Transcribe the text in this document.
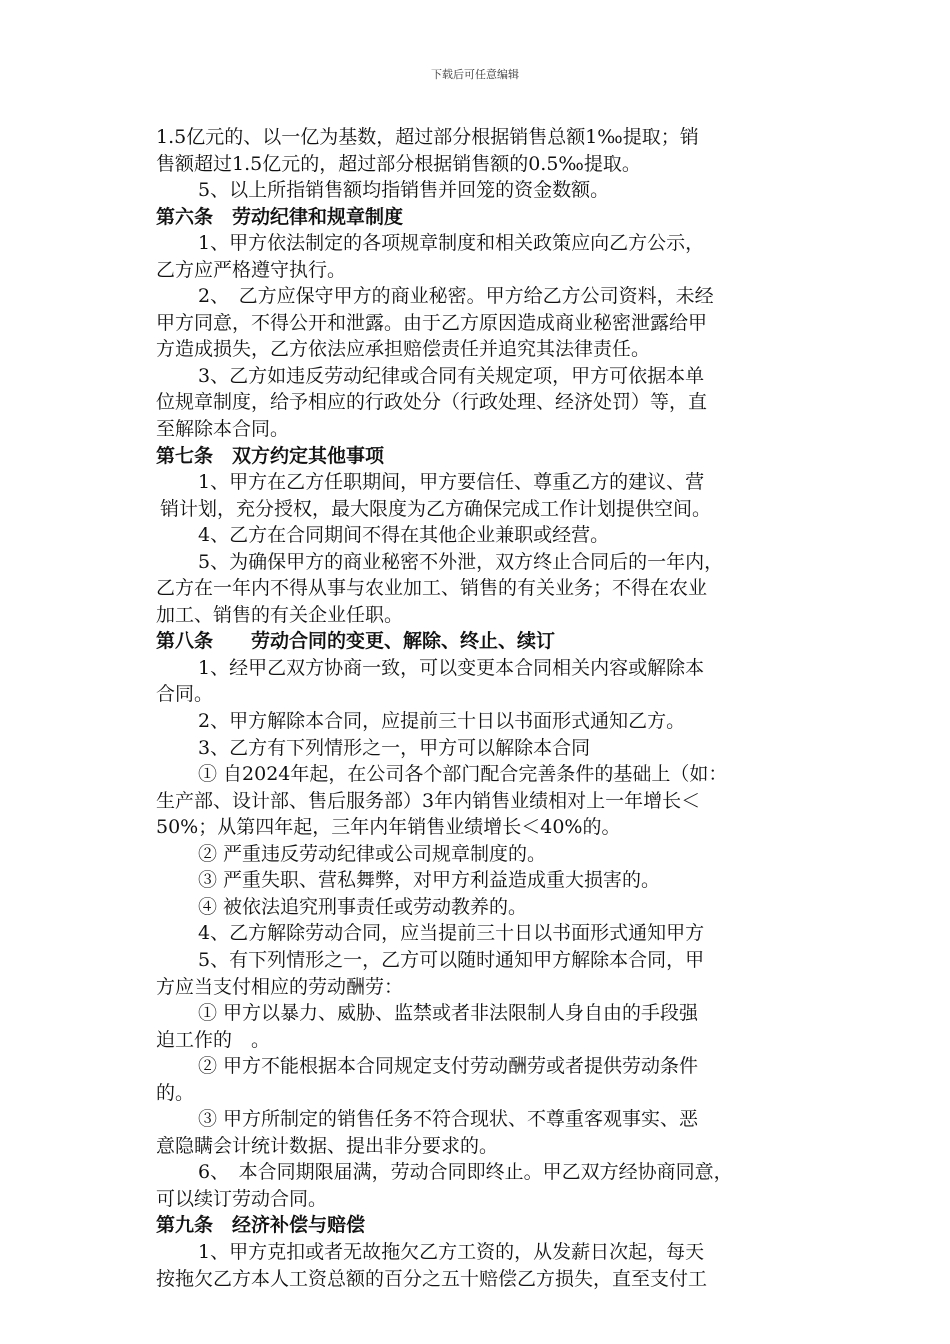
下载后可任意编辑
1.5亿元的、以一亿为基数，超过部分根据销售总额1‰提取；销
售额超过1.5亿元的，超过部分根据销售额的0.5‰提取。
5、以上所指销售额均指销售并回笼的资金数额。
第六条　劳动纪律和规章制度
1、甲方依法制定的各项规章制度和相关政策应向乙方公示，
乙方应严格遵守执行。
2、　乙方应保守甲方的商业秘密。甲方给乙方公司资料，未经
甲方同意，不得公开和泄露。由于乙方原因造成商业秘密泄露给甲
方造成损失，乙方依法应承担赔偿责任并追究其法律责任。
3、乙方如违反劳动纪律或合同有关规定项，甲方可依据本单
位规章制度，给予相应的行政处分（行政处理、经济处罚）等，直
至解除本合同。
第七条　双方约定其他事项
1、甲方在乙方任职期间，甲方要信任、尊重乙方的建议、营
销计划，充分授权，最大限度为乙方确保完成工作计划提供空间。
4、乙方在合同期间不得在其他企业兼职或经营。
5、为确保甲方的商业秘密不外泄，双方终止合同后的一年内，
乙方在一年内不得从事与农业加工、销售的有关业务；不得在农业
加工、销售的有关企业任职。
第八条　　劳动合同的变更、解除、终止、续订
1、经甲乙双方协商一致，可以变更本合同相关内容或解除本
合同。
2、甲方解除本合同，应提前三十日以书面形式通知乙方。
3、乙方有下列情形之一，甲方可以解除本合同
① 自2024年起，在公司各个部门配合完善条件的基础上（如：
生产部、设计部、售后服务部）3年内销售业绩相对上一年增长＜
50%；从第四年起，三年内年销售业绩增长＜40%的。
② 严重违反劳动纪律或公司规章制度的。
③ 严重失职、营私舞弊，对甲方利益造成重大损害的。
④ 被依法追究刑事责任或劳动教养的。
4、乙方解除劳动合同，应当提前三十日以书面形式通知甲方
5、有下列情形之一，乙方可以随时通知甲方解除本合同，甲
方应当支付相应的劳动酬劳：
① 甲方以暴力、威胁、监禁或者非法限制人身自由的手段强
迫工作的　。
② 甲方不能根据本合同规定支付劳动酬劳或者提供劳动条件
的。
③ 甲方所制定的销售任务不符合现状、不尊重客观事实、恶
意隐瞒会计统计数据、提出非分要求的。
6、　本合同期限届满，劳动合同即终止。甲乙双方经协商同意，
可以续订劳动合同。
第九条　经济补偿与赔偿
1、甲方克扣或者无故拖欠乙方工资的，从发薪日次起，每天
按拖欠乙方本人工资总额的百分之五十赔偿乙方损失，直至支付工
